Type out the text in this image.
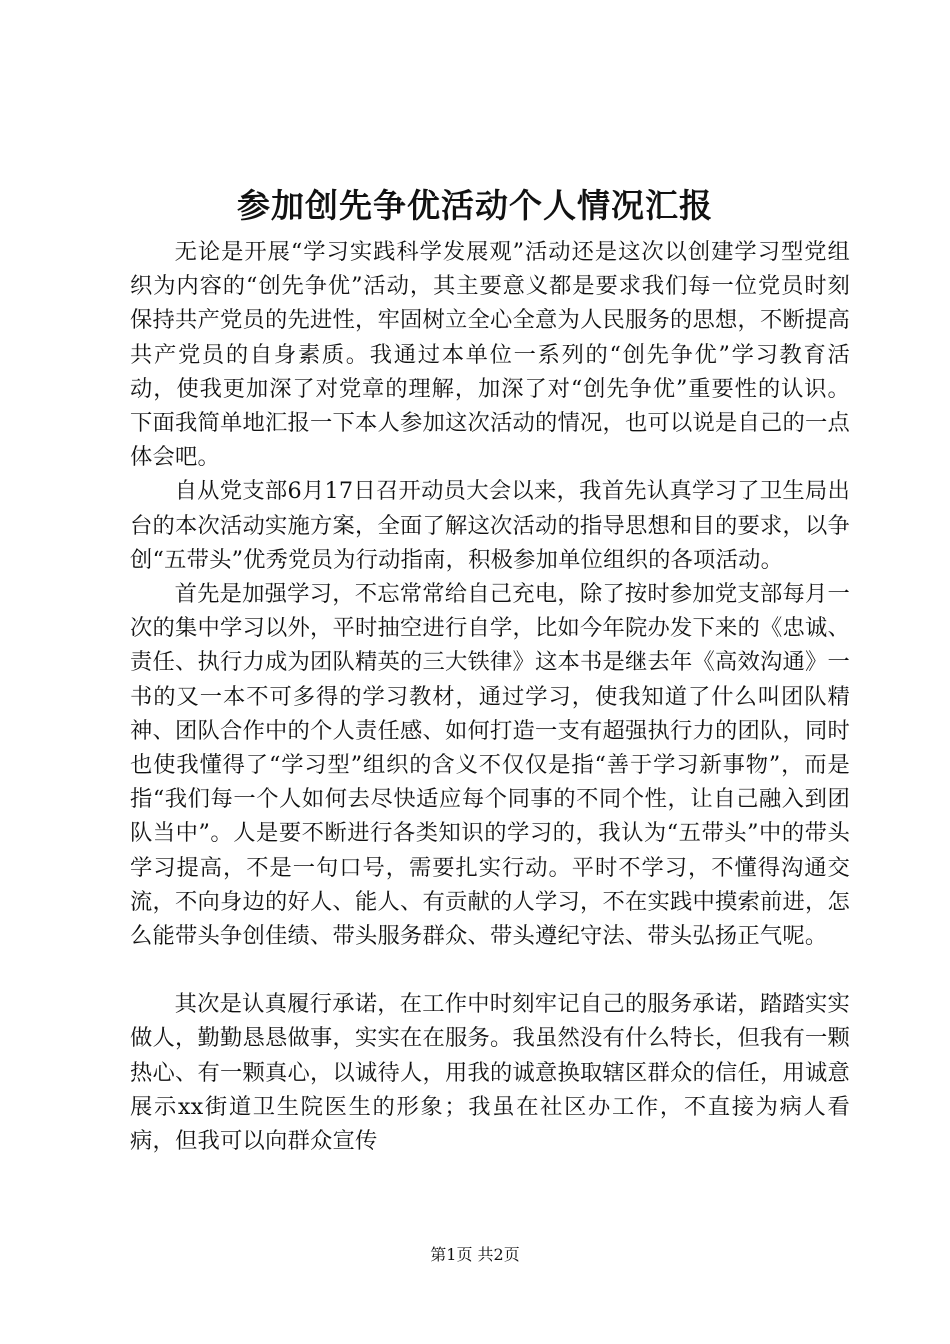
参加创先争优活动个人情况汇报

无论是开展“学习实践科学发展观”活动还是这次以创建学习型党组织为内容的“创先争优”活动，其主要意义都是要求我们每一位党员时刻保持共产党员的先进性，牢固树立全心全意为人民服务的思想，不断提高共产党员的自身素质。我通过本单位一系列的“创先争优”学习教育活动，使我更加深了对党章的理解，加深了对“创先争优”重要性的认识。下面我简单地汇报一下本人参加这次活动的情况，也可以说是自己的一点体会吧。

自从党支部6月17日召开动员大会以来，我首先认真学习了卫生局出台的本次活动实施方案，全面了解这次活动的指导思想和目的要求，以争创“五带头”优秀党员为行动指南，积极参加单位组织的各项活动。

首先是加强学习，不忘常常给自己充电，除了按时参加党支部每月一次的集中学习以外，平时抽空进行自学，比如今年院办发下来的《忠诚、责任、执行力成为团队精英的三大铁律》这本书是继去年《高效沟通》一书的又一本不可多得的学习教材，通过学习，使我知道了什么叫团队精神、团队合作中的个人责任感、如何打造一支有超强执行力的团队，同时也使我懂得了“学习型”组织的含义不仅仅是指“善于学习新事物”，而是指“我们每一个人如何去尽快适应每个同事的不同个性，让自己融入到团队当中”。人是要不断进行各类知识的学习的，我认为“五带头”中的带头学习提高，不是一句口号，需要扎实行动。平时不学习，不懂得沟通交流，不向身边的好人、能人、有贡献的人学习，不在实践中摸索前进，怎么能带头争创佳绩、带头服务群众、带头遵纪守法、带头弘扬正气呢。

其次是认真履行承诺，在工作中时刻牢记自己的服务承诺，踏踏实实做人，勤勤恳恳做事，实实在在服务。我虽然没有什么特长，但我有一颗热心、有一颗真心，以诚待人，用我的诚意换取辖区群众的信任，用诚意展示xx街道卫生院医生的形象；我虽在社区办工作，不直接为病人看病，但我可以向群众宣传

第1页 共2页
